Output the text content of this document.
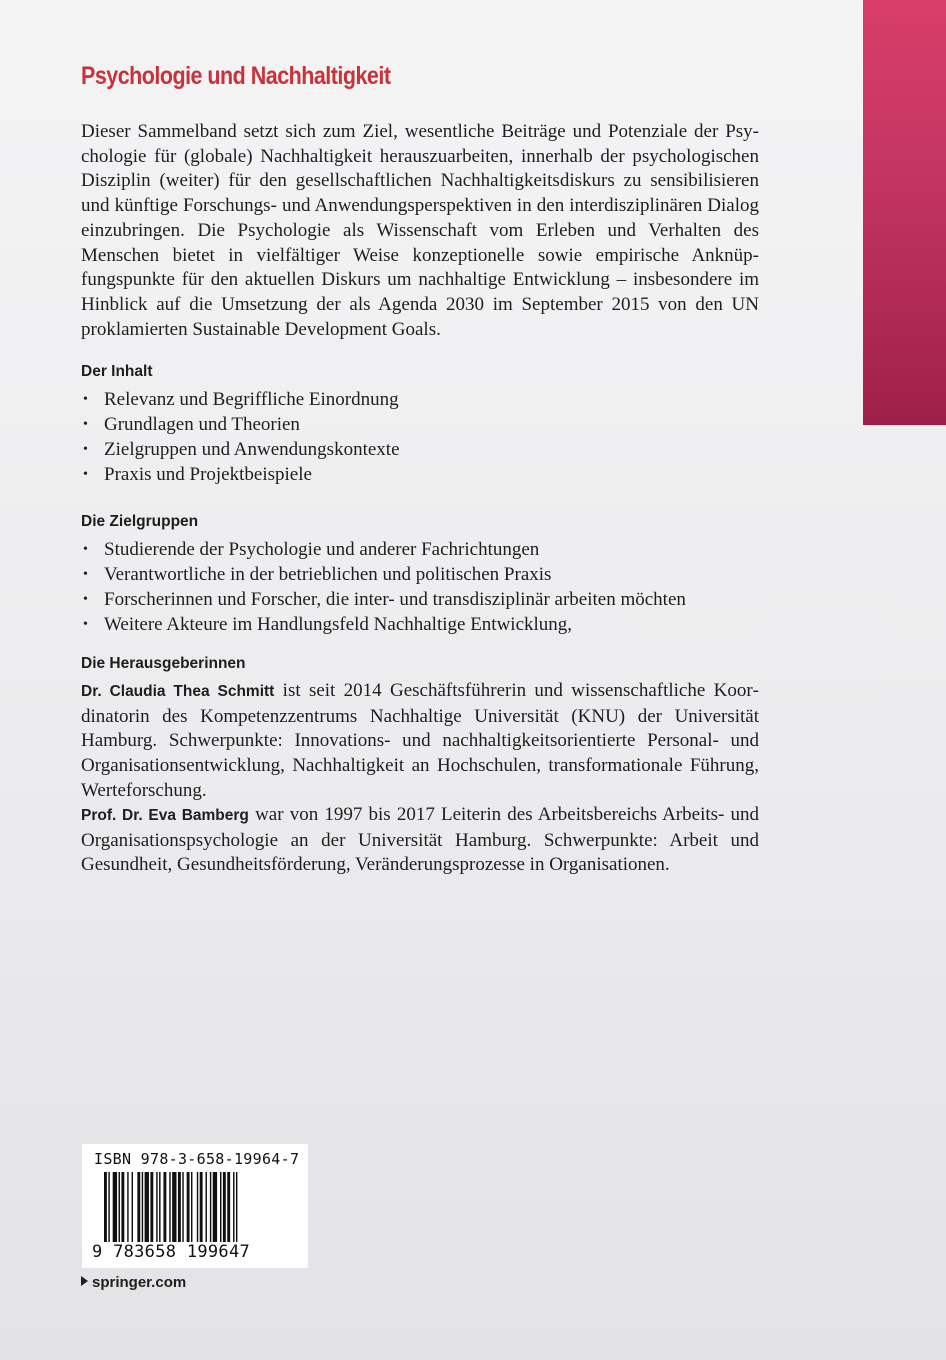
Psychologie und Nachhaltigkeit

Dieser Sammelband setzt sich zum Ziel, wesentliche Beiträge und Potenziale der Psychologie für (globale) Nachhaltigkeit herauszuarbeiten, innerhalb der psychologischen Disziplin (weiter) für den gesellschaftlichen Nachhaltigkeitsdiskurs zu sensibilisieren und künftige Forschungs- und Anwendungsperspektiven in den interdisziplinären Dialog einzubringen. Die Psychologie als Wissenschaft vom Erleben und Verhalten des Menschen bietet in vielfältiger Weise konzeptionelle sowie empirische Anknüpfungspunkte für den aktuellen Diskurs um nachhaltige Entwicklung – insbesondere im Hinblick auf die Umsetzung der als Agenda 2030 im September 2015 von den UN proklamierten Sustainable Development Goals.

Der Inhalt
• Relevanz und Begriffliche Einordnung
• Grundlagen und Theorien
• Zielgruppen und Anwendungskontexte
• Praxis und Projektbeispiele
Die Zielgruppen
• Studierende der Psychologie und anderer Fachrichtungen
• Verantwortliche in der betrieblichen und politischen Praxis
• Forscherinnen und Forscher, die inter- und transdisziplinär arbeiten möchten
• Weitere Akteure im Handlungsfeld Nachhaltige Entwicklung,
Die Herausgeberinnen

Dr. Claudia Thea Schmitt ist seit 2014 Geschäftsführerin und wissenschaftliche Koordinatorin des Kompetenzzentrums Nachhaltige Universität (KNU) der Universität Hamburg. Schwerpunkte: Innovations- und nachhaltigkeitsorientierte Personal- und Organisationsentwicklung, Nachhaltigkeit an Hochschulen, transformationale Führung, Werteforschung.

Prof. Dr. Eva Bamberg war von 1997 bis 2017 Leiterin des Arbeitsbereichs Arbeits- und Organisationspsychologie an der Universität Hamburg. Schwerpunkte: Arbeit und Gesundheit, Gesundheitsförderung, Veränderungsprozesse in Organisationen.

ISBN 978-3-658-19964-7
9 783658 199647
springer.com
